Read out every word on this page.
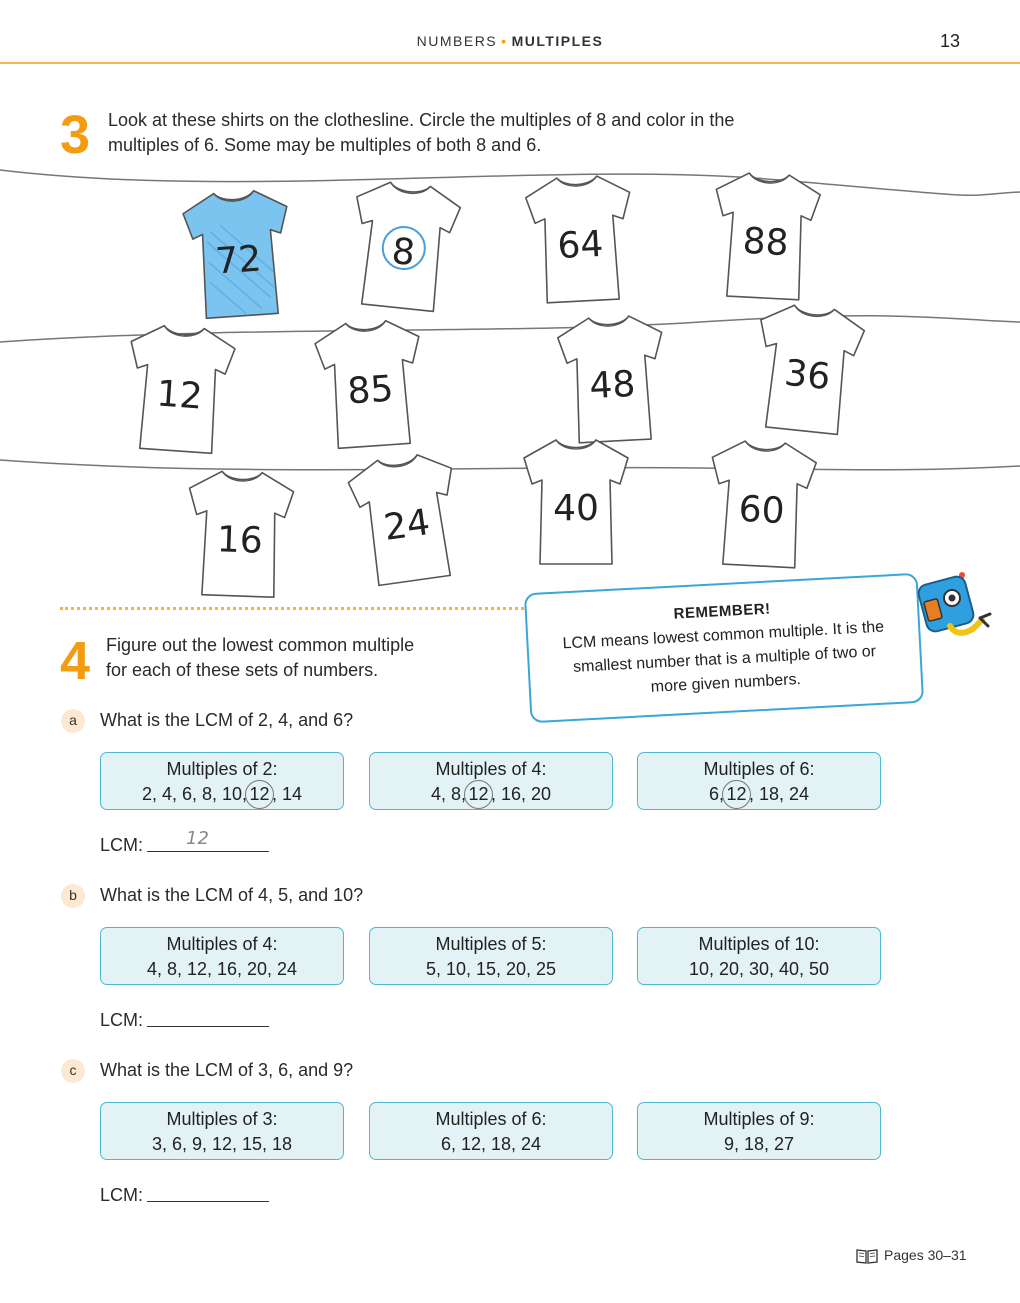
NUMBERS • MULTIPLES	13
3 Look at these shirts on the clothesline. Circle the multiples of 8 and color in the
multiples of 6. Some may be multiples of both 8 and 6.
72	8	64	88
12	85	48	36
16	24	40	60
REMEMBER!
LCM means lowest common multiple. It is the
smallest number that is a multiple of two or
more given numbers.
4 Figure out the lowest common multiple
for each of these sets of numbers.
a	What is the LCM of 2, 4, and 6?
Multiples of 2:
2, 4, 6, 8, 10, 12 , 14
Multiples of 4:
4, 8, 12 , 16, 20
Multiples of 6:
6, 12 , 18, 24
LCM: 12
b	What is the LCM of 4, 5, and 10?
Multiples of 4:
4, 8, 12, 16, 20, 24
Multiples of 5:
5, 10, 15, 20, 25
Multiples of 10:
10, 20, 30, 40, 50
LCM:
c	What is the LCM of 3, 6, and 9?
Multiples of 3:
3, 6, 9, 12, 15, 18
Multiples of 6:
6, 12, 18, 24
Multiples of 9:
9, 18, 27
LCM:
Pages 30–31
